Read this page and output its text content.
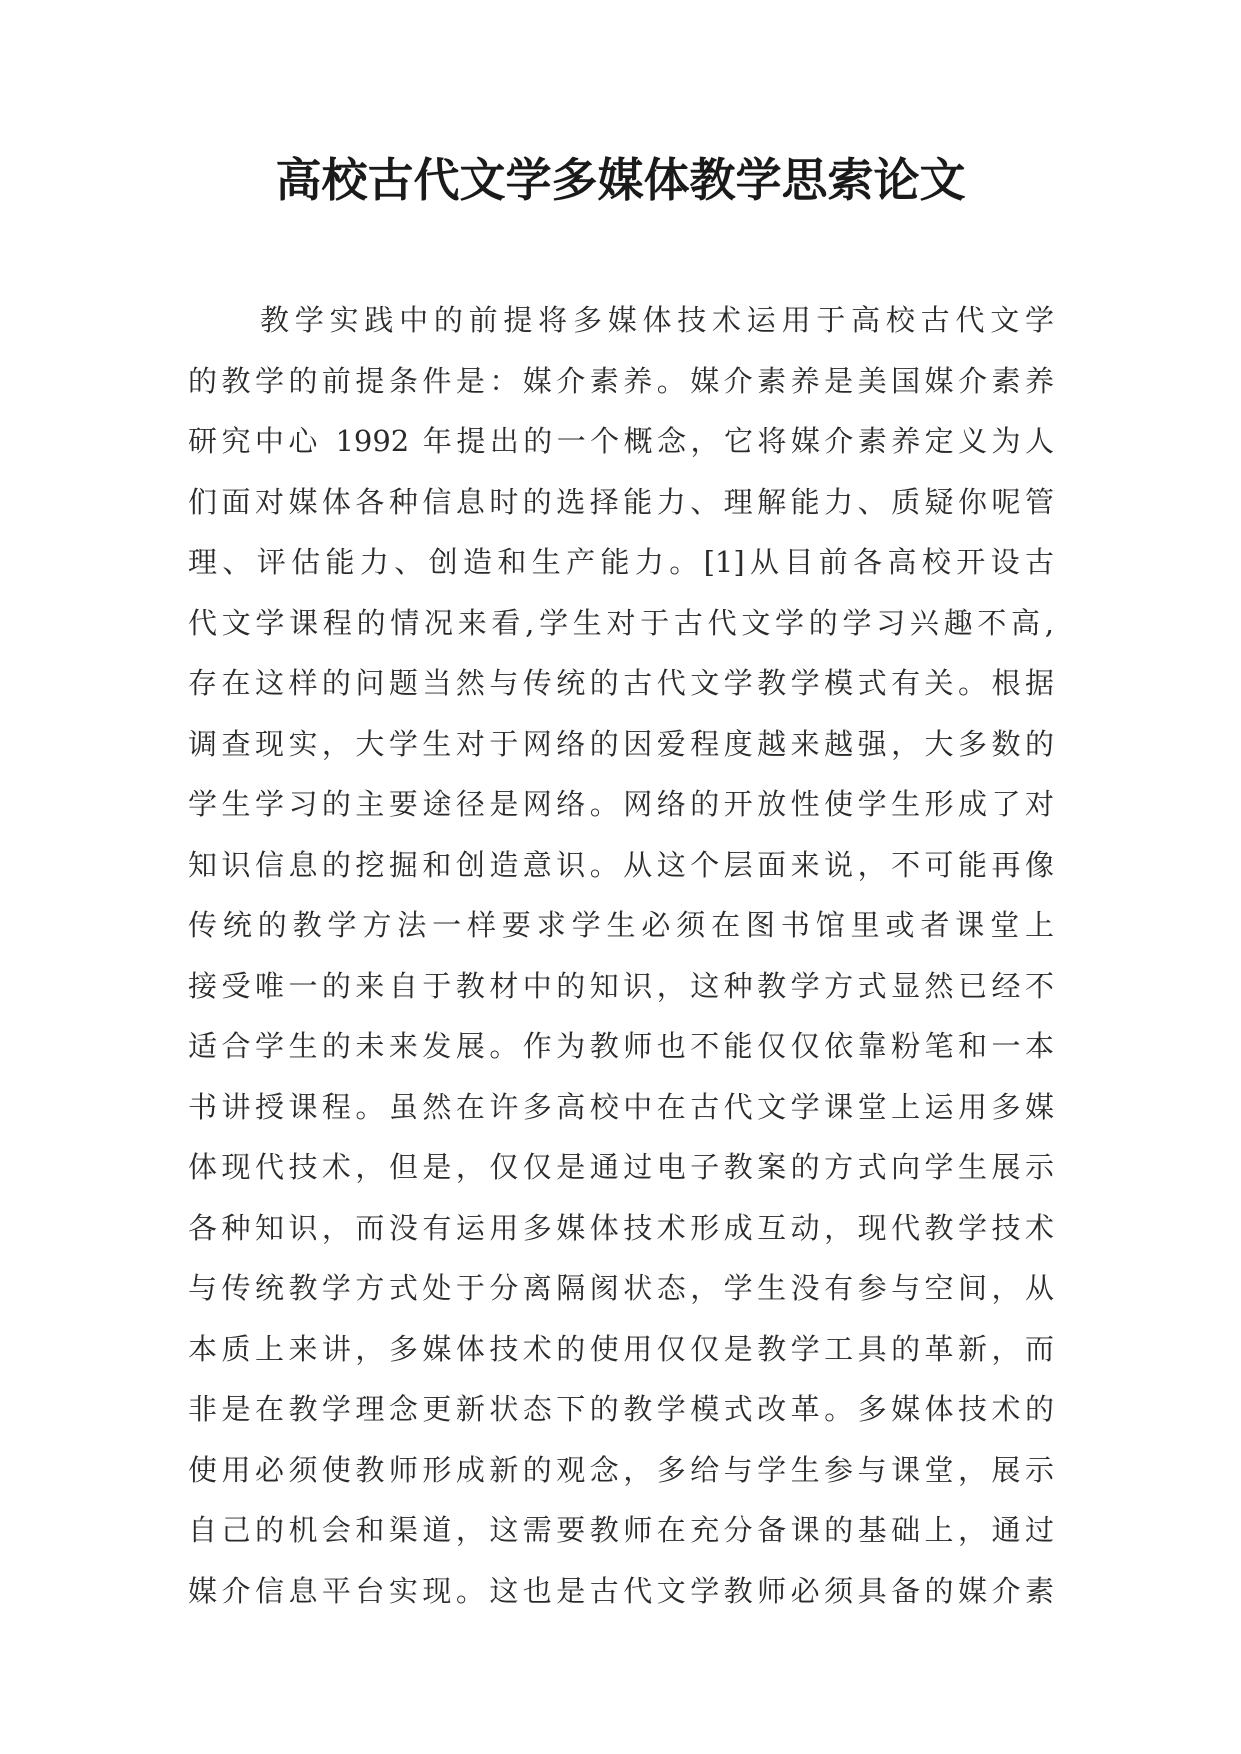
高校古代文学多媒体教学思索论文
教学实践中的前提将多媒体技术运用于高校古代文学
的教学的前提条件是：媒介素养。媒介素养是美国媒介素养
研究中心 1992 年提出的一个概念，它将媒介素养定义为人
们面对媒体各种信息时的选择能力、理解能力、质疑你呢管
理、评估能力、创造和生产能力。[1]从目前各高校开设古
代文学课程的情况来看,学生对于古代文学的学习兴趣不高,
存在这样的问题当然与传统的古代文学教学模式有关。根据
调查现实，大学生对于网络的因爱程度越来越强，大多数的
学生学习的主要途径是网络。网络的开放性使学生形成了对
知识信息的挖掘和创造意识。从这个层面来说，不可能再像
传统的教学方法一样要求学生必须在图书馆里或者课堂上
接受唯一的来自于教材中的知识，这种教学方式显然已经不
适合学生的未来发展。作为教师也不能仅仅依靠粉笔和一本
书讲授课程。虽然在许多高校中在古代文学课堂上运用多媒
体现代技术，但是，仅仅是通过电子教案的方式向学生展示
各种知识，而没有运用多媒体技术形成互动，现代教学技术
与传统教学方式处于分离隔阂状态，学生没有参与空间，从
本质上来讲，多媒体技术的使用仅仅是教学工具的革新，而
非是在教学理念更新状态下的教学模式改革。多媒体技术的
使用必须使教师形成新的观念，多给与学生参与课堂，展示
自己的机会和渠道，这需要教师在充分备课的基础上，通过
媒介信息平台实现。这也是古代文学教师必须具备的媒介素
